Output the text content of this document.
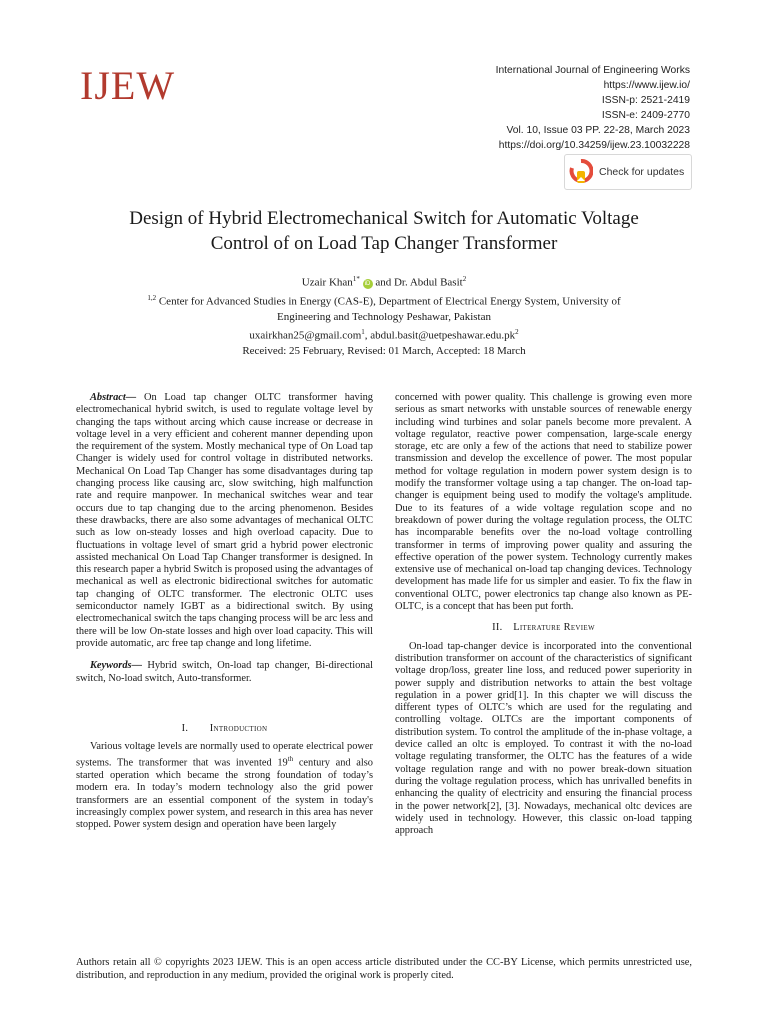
IJEW	International Journal of Engineering Works
https://www.ijew.io/
ISSN-p: 2521-2419
ISSN-e: 2409-2770
Vol. 10, Issue 03 PP. 22-28, March 2023
https://doi.org/10.34259/ijew.23.10032228
Check for updates
Design of Hybrid Electromechanical Switch for Automatic Voltage
Control of on Load Tap Changer Transformer
Uzair Khan$^{1*}$ iD and Dr. Abdul Basit$^2$
$^{1,2}$ Center for Advanced Studies in Energy (CAS-E), Department of Electrical Energy System, University of
Engineering and Technology Peshawar, Pakistan
uxairkhan25@gmail.com$^1$, $abdul.basit@uetpeshawar.edu.pk^2$
Received: 25 February, Revised: 01 March, Accepted: 18 March

Abstract— On Load tap changer OLTC transformer having electromechanical hybrid switch, is used to regulate voltage level by changing the taps without arcing which cause increase or decrease in voltage level in a very efficient and coherent manner depending upon the requirement of the system. Mostly mechanical type of On Load tap Changer is widely used for control voltage in distributed networks. Mechanical On Load Tap Changer has some disadvantages during tap changing process like causing arc, slow switching, high malfunction rate and require manpower. In mechanical switches wear and tear occurs due to tap changing due to the arcing phenomenon. Besides these drawbacks, there are also some advantages of mechanical OLTC such as low on-steady losses and high overload capacity. Due to fluctuations in voltage level of smart grid a hybrid power electronic assisted mechanical On Load Tap Changer transformer is designed. In this research paper a hybrid Switch is proposed using the advantages of mechanical as well as electronic bidirectional switches for automatic tap changing of OLTC transformer. The electronic OLTC uses semiconductor namely IGBT as a bidirectional switch. By using electromechanical switch the taps changing process will be arc less and there will be low On-state losses and high over load capacity. This will provide automatic, arc free tap change and long lifetime.

Keywords— Hybrid switch, On-load tap changer, Bi-directional switch, No-load switch, Auto-transformer.

I.  Introduction

Various voltage levels are normally used to operate electrical power systems. The transformer that was invented 19th century and also started operation which became the strong foundation of today’s modern era. In today’s modern technology also the grid power transformers are an essential component of the system in today's increasingly complex power system, and research in this area has never stopped. Power system design and operation have been largely

concerned with power quality. This challenge is growing even more serious as smart networks with unstable sources of renewable energy including wind turbines and solar panels become more prevalent. A voltage regulator, reactive power compensation, large-scale energy storage, etc are only a few of the actions that need to stabilize power transmission and develop the excellence of power. The most popular method for voltage regulation in modern power system design is to modify the transformer voltage using a tap changer. The on-load tap-changer is equipment being used to modify the voltage's amplitude. Due to its features of a wide voltage regulation scope and no breakdown of power during the voltage regulation process, the OLTC has incomparable benefits over the no-load voltage controlling transformer in terms of improving power quality and assuring the effective operation of the power system. Technology currently makes extensive use of mechanical on-load tap changing devices. Technology development has made life for us simpler and easier. To fix the flaw in conventional OLTC, power electronics tap change also known as PE-OLTC, is a concept that has been put forth.

II. Literature Review

On-load tap-changer device is incorporated into the conventional distribution transformer on account of the characteristics of significant voltage drop/loss, greater line loss, and reduced power superiority in power supply and distribution networks to attain the best voltage regulation in a power grid[1]. In this chapter we will discuss the different types of OLTC’s which are used for the regulating and controlling voltage. OLTCs are the important components of distribution system. To control the amplitude of the in-phase voltage, a device called an oltc is employed. To contrast it with the no-load voltage regulating transformer, the OLTC has the features of a wide voltage regulation range and with no power break-down situation during the voltage regulation process, which has unrivalled benefits in enhancing the quality of electricity and ensuring the financial process in the power network[2], [3]. Nowadays, mechanical oltc devices are widely used in technology. However, this classic on-load tapping approach

Authors retain all © copyrights 2023 IJEW. This is an open access article distributed under the CC-BY License, which permits unrestricted use, distribution, and reproduction in any medium, provided the original work is properly cited.
